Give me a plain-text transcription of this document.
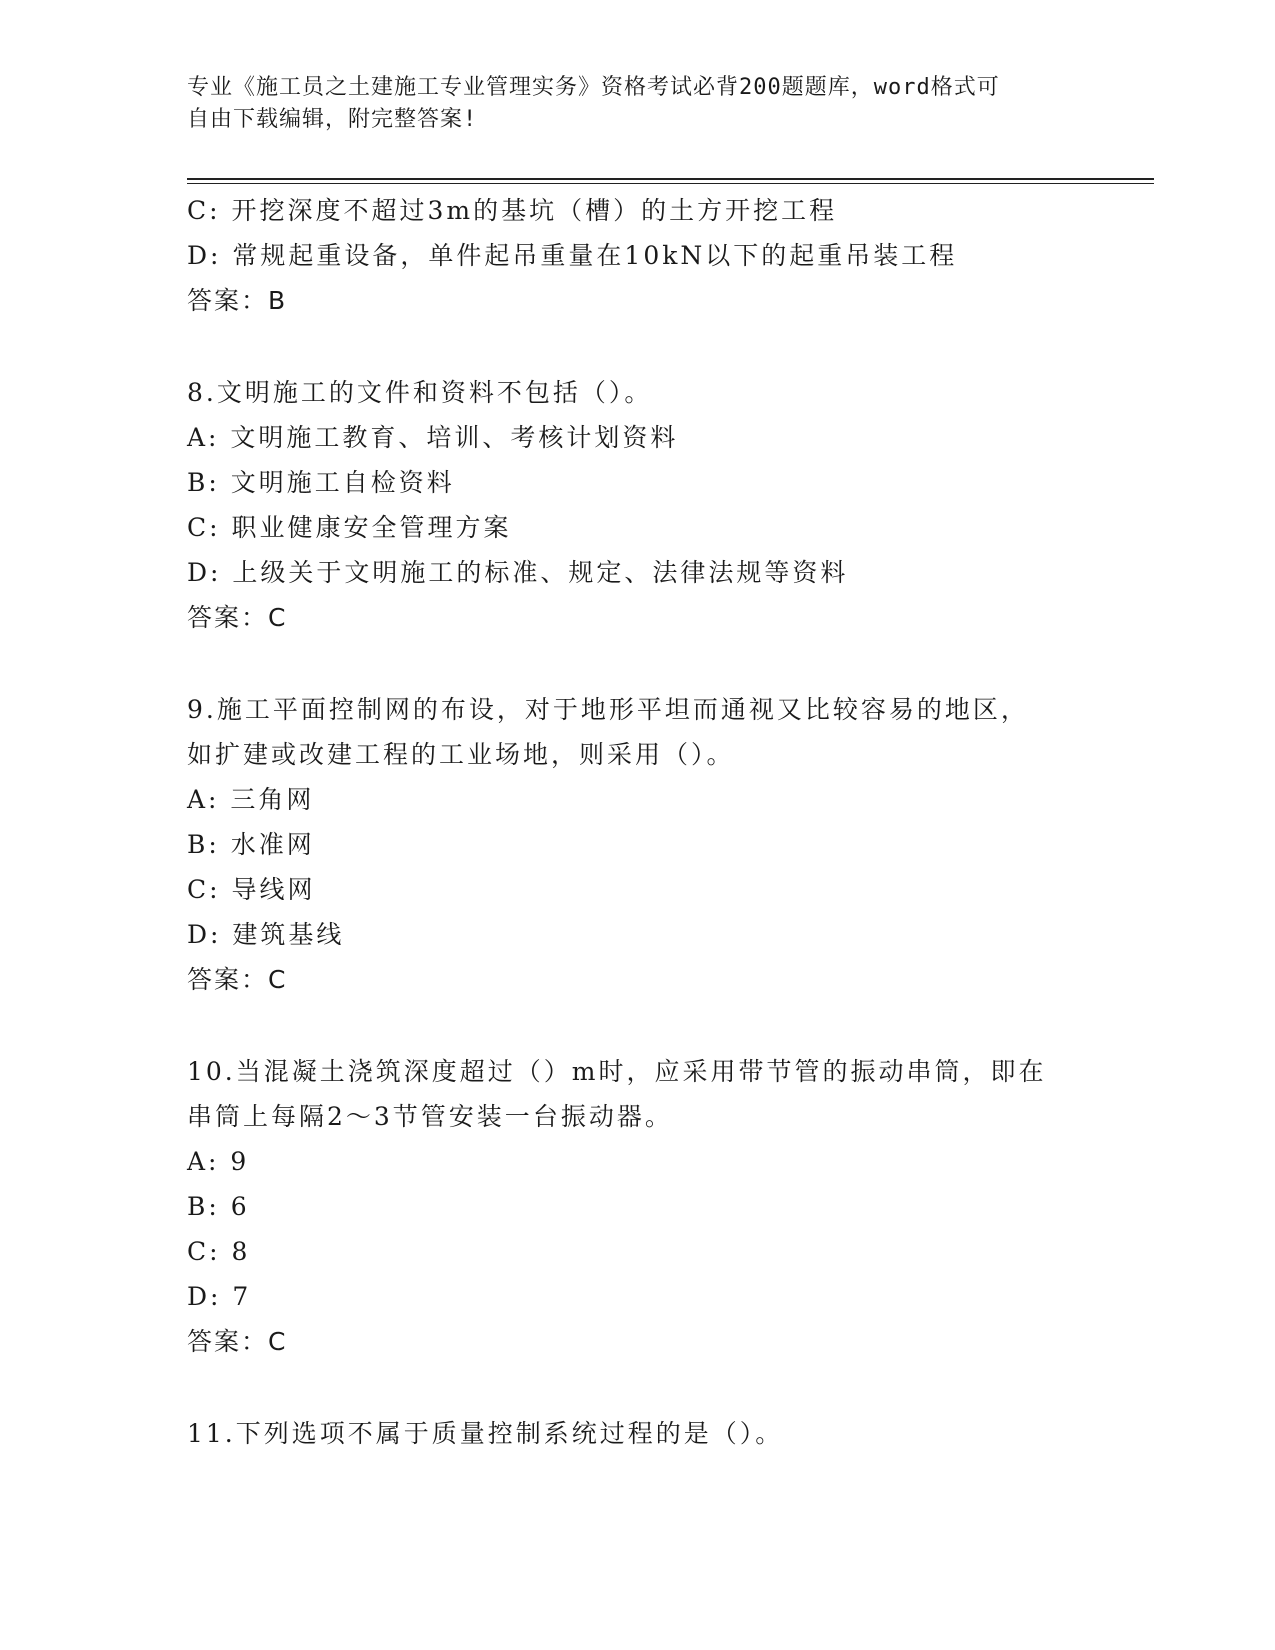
专业《施工员之土建施工专业管理实务》资格考试必背200题题库，word格式可
自由下载编辑，附完整答案!
C: 开挖深度不超过3m的基坑（槽）的土方开挖工程
D: 常规起重设备，单件起吊重量在10kN以下的起重吊装工程
答案：B
8.文明施工的文件和资料不包括（）。
A: 文明施工教育、培训、考核计划资料
B: 文明施工自检资料
C: 职业健康安全管理方案
D: 上级关于文明施工的标准、规定、法律法规等资料
答案：C
9.施工平面控制网的布设，对于地形平坦而通视又比较容易的地区，
如扩建或改建工程的工业场地，则采用（）。
A: 三角网
B: 水准网
C: 导线网
D: 建筑基线
答案：C
10.当混凝土浇筑深度超过（）m时，应采用带节管的振动串筒，即在
串筒上每隔2～3节管安装一台振动器。
A: 9
B: 6
C: 8
D: 7
答案：C
11.下列选项不属于质量控制系统过程的是（）。
